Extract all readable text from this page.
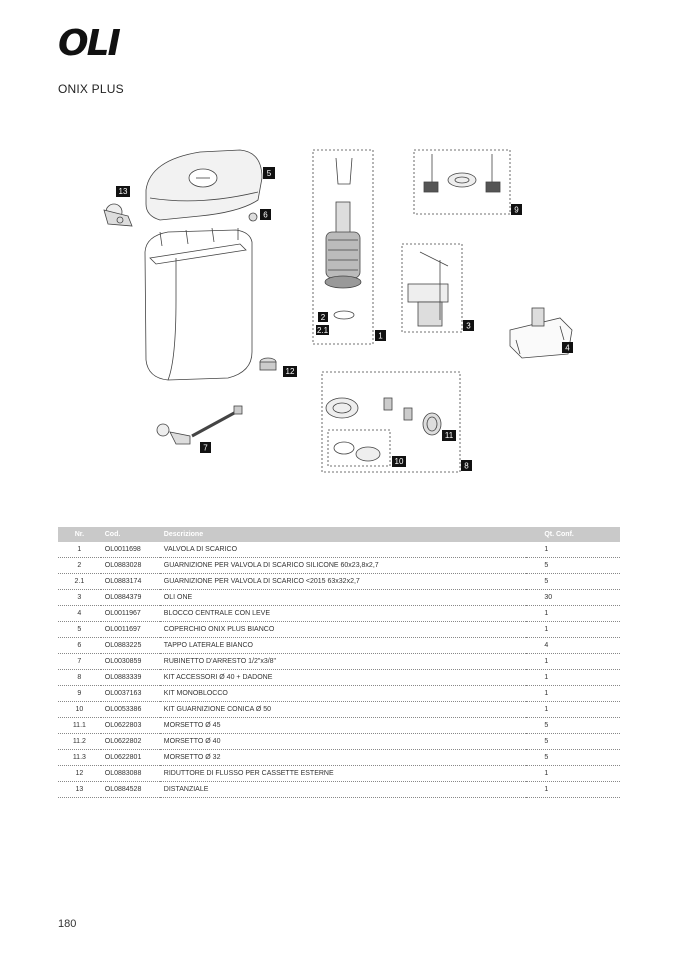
OLI
ONIX PLUS
5
13
6
12
7
2
2.1
1
9
3
4
11
10	8
Nr.	Cod.	Descrizione	Qt. Conf.
1	OL0011698	VALVOLA DI SCARICO	1
2	OL0883028	GUARNIZIONE PER VALVOLA DI SCARICO SILICONE 60x23,8x2,7	5
2.1	OL0883174	GUARNIZIONE PER VALVOLA DI SCARICO <2015 63x32x2,7	5
3	OL0884379	OLI ONE	30
4	OL0011967	BLOCCO CENTRALE CON LEVE	1
5	OL0011697	COPERCHIO ONIX PLUS BIANCO	1
6	OL0883225	TAPPO LATERALE BIANCO	4
7	OL0030859	RUBINETTO D'ARRESTO 1/2"x3/8"	1
8	OL0883339	KIT ACCESSORI Ø 40 + DADONE	1
9	OL0037163	KIT MONOBLOCCO	1
10	OL0053386	KIT GUARNIZIONE CONICA Ø 50	1
11.1	OL0622803	MORSETTO Ø 45	5
11.2	OL0622802	MORSETTO Ø 40	5
11.3	OL0622801	MORSETTO Ø 32	5
12	OL0883088	RIDUTTORE DI FLUSSO PER CASSETTE ESTERNE	1
13	OL0884528	DISTANZIALE	1
180
